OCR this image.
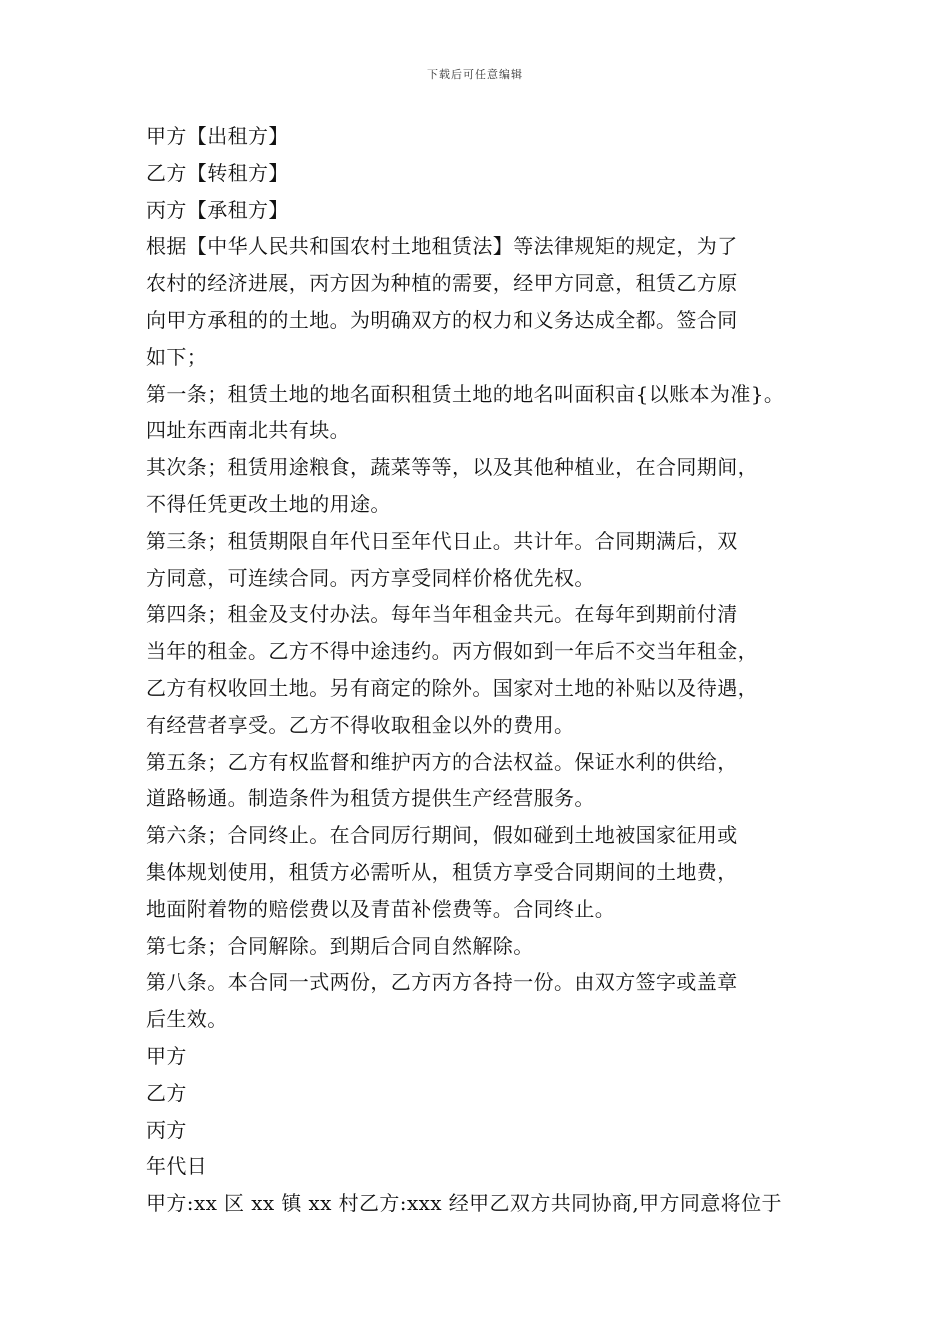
下载后可任意编辑
甲方【出租方】
乙方【转租方】
丙方【承租方】
根据【中华人民共和国农村土地租赁法】等法律规矩的规定，为了
农村的经济进展，丙方因为种植的需要，经甲方同意，租赁乙方原
向甲方承租的的土地。为明确双方的权力和义务达成全都。签合同
如下；
第一条；租赁土地的地名面积租赁土地的地名叫面积亩{以账本为准}。
四址东西南北共有块。
其次条；租赁用途粮食，蔬菜等等，以及其他种植业，在合同期间，
不得任凭更改土地的用途。
第三条；租赁期限自年代日至年代日止。共计年。合同期满后，双
方同意，可连续合同。丙方享受同样价格优先权。
第四条；租金及支付办法。每年当年租金共元。在每年到期前付清
当年的租金。乙方不得中途违约。丙方假如到一年后不交当年租金，
乙方有权收回土地。另有商定的除外。国家对土地的补贴以及待遇，
有经营者享受。乙方不得收取租金以外的费用。
第五条；乙方有权监督和维护丙方的合法权益。保证水利的供给，
道路畅通。制造条件为租赁方提供生产经营服务。
第六条；合同终止。在合同厉行期间，假如碰到土地被国家征用或
集体规划使用，租赁方必需听从，租赁方享受合同期间的土地费，
地面附着物的赔偿费以及青苗补偿费等。合同终止。
第七条；合同解除。到期后合同自然解除。
第八条。本合同一式两份，乙方丙方各持一份。由双方签字或盖章
后生效。
甲方
乙方
丙方
年代日
甲方:xx 区 xx 镇 xx 村乙方:xxx 经甲乙双方共同协商,甲方同意将位于
